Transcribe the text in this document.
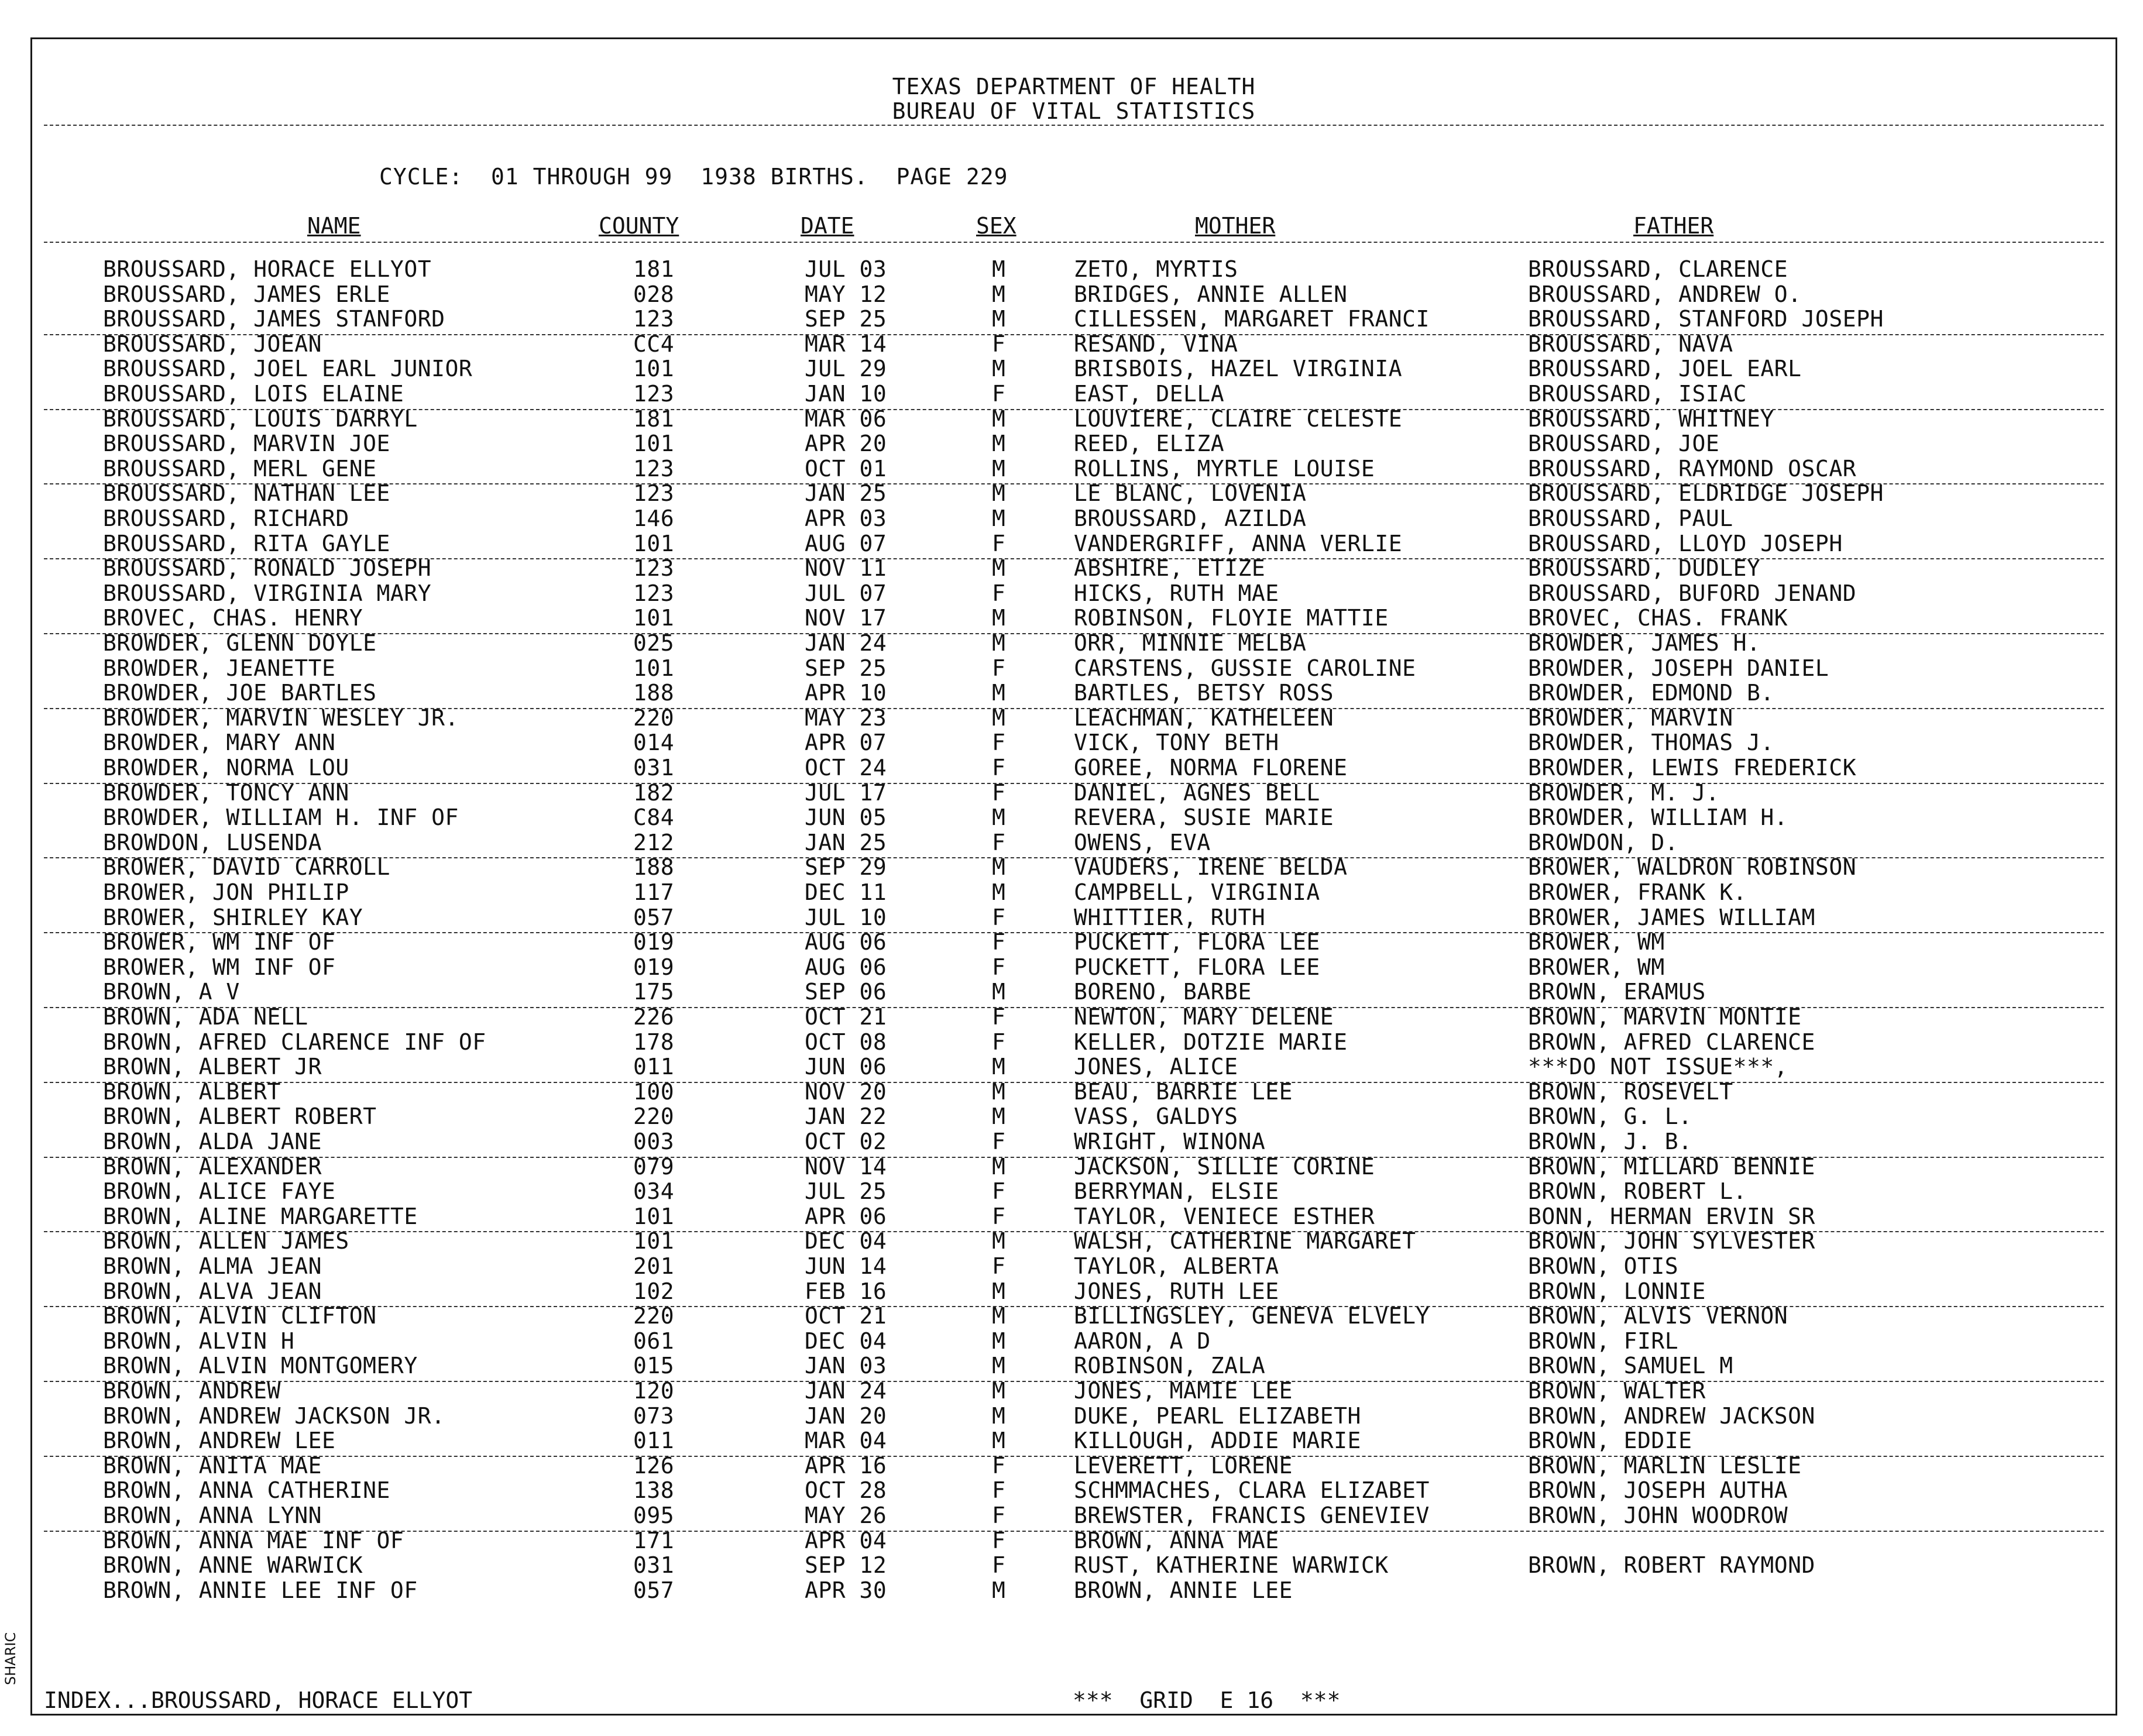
TEXAS DEPARTMENT OF HEALTH
BUREAU OF VITAL STATISTICS
CYCLE:  01 THROUGH 99  1938 BIRTHS.  PAGE 229
NAME	COUNTY	DATE	SEX	MOTHER	FATHER
BROUSSARD, HORACE ELLYOT	181	JUL 03	M	ZETO, MYRTIS	BROUSSARD, CLARENCE
BROUSSARD, JAMES ERLE	028	MAY 12	M	BRIDGES, ANNIE ALLEN	BROUSSARD, ANDREW O.
BROUSSARD, JAMES STANFORD	123	SEP 25	M	CILLESSEN, MARGARET FRANCI	BROUSSARD, STANFORD JOSEPH
BROUSSARD, JOEAN	CC4	MAR 14	F	RESAND, VINA	BROUSSARD, NAVA
BROUSSARD, JOEL EARL JUNIOR	101	JUL 29	M	BRISBOIS, HAZEL VIRGINIA	BROUSSARD, JOEL EARL
BROUSSARD, LOIS ELAINE	123	JAN 10	F	EAST, DELLA	BROUSSARD, ISIAC
BROUSSARD, LOUIS DARRYL	181	MAR 06	M	LOUVIERE, CLAIRE CELESTE	BROUSSARD, WHITNEY
BROUSSARD, MARVIN JOE	101	APR 20	M	REED, ELIZA	BROUSSARD, JOE
BROUSSARD, MERL GENE	123	OCT 01	M	ROLLINS, MYRTLE LOUISE	BROUSSARD, RAYMOND OSCAR
BROUSSARD, NATHAN LEE	123	JAN 25	M	LE BLANC, LOVENIA	BROUSSARD, ELDRIDGE JOSEPH
BROUSSARD, RICHARD	146	APR 03	M	BROUSSARD, AZILDA	BROUSSARD, PAUL
BROUSSARD, RITA GAYLE	101	AUG 07	F	VANDERGRIFF, ANNA VERLIE	BROUSSARD, LLOYD JOSEPH
BROUSSARD, RONALD JOSEPH	123	NOV 11	M	ABSHIRE, ETIZE	BROUSSARD, DUDLEY
BROUSSARD, VIRGINIA MARY	123	JUL 07	F	HICKS, RUTH MAE	BROUSSARD, BUFORD JENAND
BROVEC, CHAS. HENRY	101	NOV 17	M	ROBINSON, FLOYIE MATTIE	BROVEC, CHAS. FRANK
BROWDER, GLENN DOYLE	025	JAN 24	M	ORR, MINNIE MELBA	BROWDER, JAMES H.
BROWDER, JEANETTE	101	SEP 25	F	CARSTENS, GUSSIE CAROLINE	BROWDER, JOSEPH DANIEL
BROWDER, JOE BARTLES	188	APR 10	M	BARTLES, BETSY ROSS	BROWDER, EDMOND B.
BROWDER, MARVIN WESLEY JR.	220	MAY 23	M	LEACHMAN, KATHELEEN	BROWDER, MARVIN
BROWDER, MARY ANN	014	APR 07	F	VICK, TONY BETH	BROWDER, THOMAS J.
BROWDER, NORMA LOU	031	OCT 24	F	GOREE, NORMA FLORENE	BROWDER, LEWIS FREDERICK
BROWDER, TONCY ANN	182	JUL 17	F	DANIEL, AGNES BELL	BROWDER, M. J.
BROWDER, WILLIAM H. INF OF	C84	JUN 05	M	REVERA, SUSIE MARIE	BROWDER, WILLIAM H.
BROWDON, LUSENDA	212	JAN 25	F	OWENS, EVA	BROWDON, D.
BROWER, DAVID CARROLL	188	SEP 29	M	VAUDERS, IRENE BELDA	BROWER, WALDRON ROBINSON
BROWER, JON PHILIP	117	DEC 11	M	CAMPBELL, VIRGINIA	BROWER, FRANK K.
BROWER, SHIRLEY KAY	057	JUL 10	F	WHITTIER, RUTH	BROWER, JAMES WILLIAM
BROWER, WM INF OF	019	AUG 06	F	PUCKETT, FLORA LEE	BROWER, WM
BROWER, WM INF OF	019	AUG 06	F	PUCKETT, FLORA LEE	BROWER, WM
BROWN, A V	175	SEP 06	M	BORENO, BARBE	BROWN, ERAMUS
BROWN, ADA NELL	226	OCT 21	F	NEWTON, MARY DELENE	BROWN, MARVIN MONTIE
BROWN, AFRED CLARENCE INF OF	178	OCT 08	F	KELLER, DOTZIE MARIE	BROWN, AFRED CLARENCE
BROWN, ALBERT JR	011	JUN 06	M	JONES, ALICE	***DO NOT ISSUE***,
BROWN, ALBERT	100	NOV 20	M	BEAU, BARRIE LEE	BROWN, ROSEVELT
BROWN, ALBERT ROBERT	220	JAN 22	M	VASS, GALDYS	BROWN, G. L.
BROWN, ALDA JANE	003	OCT 02	F	WRIGHT, WINONA	BROWN, J. B.
BROWN, ALEXANDER	079	NOV 14	M	JACKSON, SILLIE CORINE	BROWN, MILLARD BENNIE
BROWN, ALICE FAYE	034	JUL 25	F	BERRYMAN, ELSIE	BROWN, ROBERT L.
BROWN, ALINE MARGARETTE	101	APR 06	F	TAYLOR, VENIECE ESTHER	BONN, HERMAN ERVIN SR
BROWN, ALLEN JAMES	101	DEC 04	M	WALSH, CATHERINE MARGARET	BROWN, JOHN SYLVESTER
BROWN, ALMA JEAN	201	JUN 14	F	TAYLOR, ALBERTA	BROWN, OTIS
BROWN, ALVA JEAN	102	FEB 16	M	JONES, RUTH LEE	BROWN, LONNIE
BROWN, ALVIN CLIFTON	220	OCT 21	M	BILLINGSLEY, GENEVA ELVELY	BROWN, ALVIS VERNON
BROWN, ALVIN H	061	DEC 04	M	AARON, A D	BROWN, FIRL
BROWN, ALVIN MONTGOMERY	015	JAN 03	M	ROBINSON, ZALA	BROWN, SAMUEL M
BROWN, ANDREW	120	JAN 24	M	JONES, MAMIE LEE	BROWN, WALTER
BROWN, ANDREW JACKSON JR.	073	JAN 20	M	DUKE, PEARL ELIZABETH	BROWN, ANDREW JACKSON
BROWN, ANDREW LEE	011	MAR 04	M	KILLOUGH, ADDIE MARIE	BROWN, EDDIE
BROWN, ANITA MAE	126	APR 16	F	LEVERETT, LORENE	BROWN, MARLIN LESLIE
BROWN, ANNA CATHERINE	138	OCT 28	F	SCHMMACHES, CLARA ELIZABET	BROWN, JOSEPH AUTHA
BROWN, ANNA LYNN	095	MAY 26	F	BREWSTER, FRANCIS GENEVIEV	BROWN, JOHN WOODROW
BROWN, ANNA MAE INF OF	171	APR 04	F	BROWN, ANNA MAE
BROWN, ANNE WARWICK	031	SEP 12	F	RUST, KATHERINE WARWICK	BROWN, ROBERT RAYMOND
BROWN, ANNIE LEE INF OF	057	APR 30	M	BROWN, ANNIE LEE
INDEX...BROUSSARD, HORACE ELLYOT	***  GRID  E 16  ***
SHARIC
